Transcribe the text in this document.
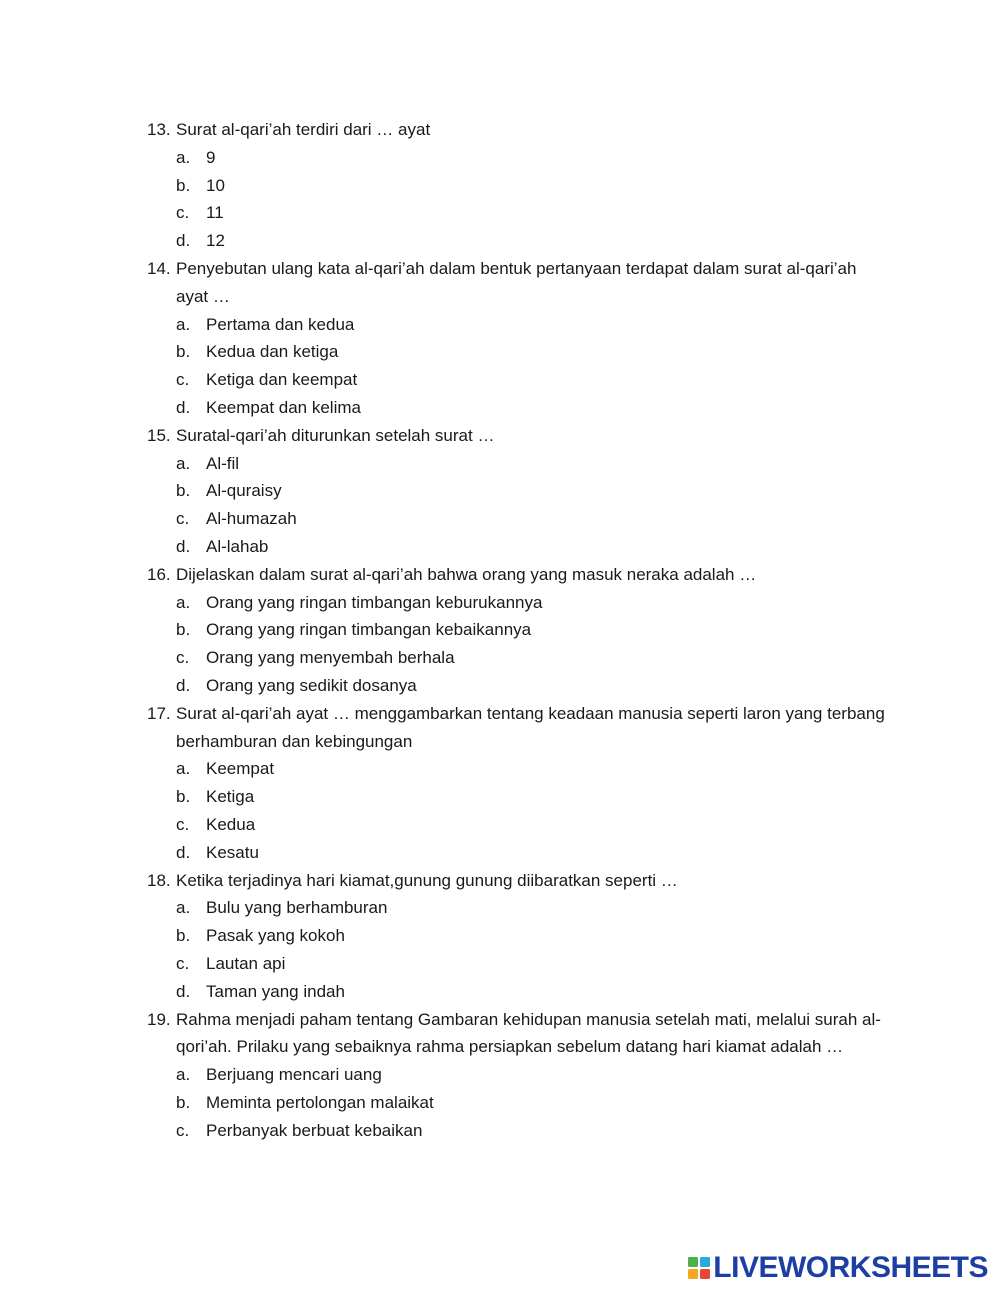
13. Surat al-qari’ah terdiri dari … ayat
a. 9
b. 10
c. 11
d. 12
14. Penyebutan ulang kata al-qari’ah dalam bentuk pertanyaan terdapat dalam surat al-qari’ah ayat …
a. Pertama dan kedua
b. Kedua dan ketiga
c. Ketiga dan keempat
d. Keempat dan kelima
15. Suratal-qari’ah diturunkan setelah surat …
a. Al-fil
b. Al-quraisy
c. Al-humazah
d. Al-lahab
16. Dijelaskan dalam surat al-qari’ah bahwa orang yang masuk neraka adalah …
a. Orang yang ringan timbangan keburukannya
b. Orang yang ringan timbangan kebaikannya
c. Orang yang menyembah berhala
d. Orang yang sedikit dosanya
17. Surat al-qari’ah ayat … menggambarkan tentang keadaan manusia seperti laron yang terbang berhamburan dan kebingungan
a. Keempat
b. Ketiga
c. Kedua
d. Kesatu
18. Ketika terjadinya hari kiamat,gunung gunung diibaratkan seperti …
a. Bulu yang berhamburan
b. Pasak yang kokoh
c. Lautan api
d. Taman yang indah
19. Rahma menjadi paham tentang Gambaran kehidupan manusia setelah mati, melalui surah al-qori’ah. Prilaku yang sebaiknya rahma persiapkan sebelum datang hari kiamat adalah …
a. Berjuang mencari uang
b. Meminta pertolongan malaikat
c. Perbanyak berbuat kebaikan
LIVEWORKSHEETS
